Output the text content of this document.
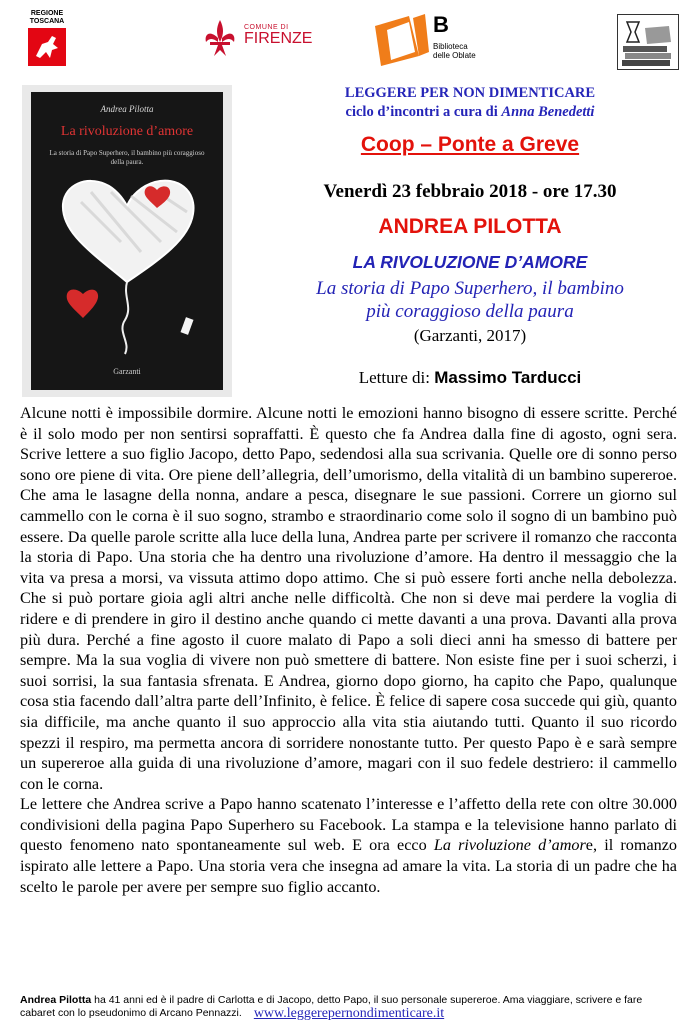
REGIONE TOSCANA
COMUNE DI
FIRENZE
B
Biblioteca
delle Oblate
Andrea Pilotta
La rivoluzione d’amore
La storia di Papo Superhero, il bambino più coraggioso della paura.
Garzanti
LEGGERE PER NON DIMENTICARE
ciclo d’incontri a cura di Anna Benedetti
Coop – Ponte a Greve
Venerdì 23 febbraio 2018 - ore 17.30
ANDREA PILOTTA
LA RIVOLUZIONE D’AMORE
La storia di Papo Superhero, il bambino
più coraggioso della paura
(Garzanti, 2017)
Letture di: Massimo Tarducci

Alcune notti è impossibile dormire. Alcune notti le emozioni hanno bisogno di essere scritte. Perché è il solo modo per non sentirsi sopraffatti. È questo che fa Andrea dalla fine di agosto, ogni sera. Scrive lettere a suo figlio Jacopo, detto Papo, sedendosi alla sua scrivania. Quelle ore di sonno perso sono ore piene di vita. Ore piene dell’allegria, dell’umorismo, della vitalità di un bambino supereroe. Che ama le lasagne della nonna, andare a pesca, disegnare le sue passioni. Correre un giorno sul cammello con le corna è il suo sogno, strambo e straordinario come solo il sogno di un bambino può essere. Da quelle parole scritte alla luce della luna, Andrea parte per scrivere il romanzo che racconta la storia di Papo. Una storia che ha dentro una rivoluzione d’amore. Ha dentro il messaggio che la vita va presa a morsi, va vissuta attimo dopo attimo. Che si può essere forti anche nella debolezza. Che si può portare gioia agli altri anche nelle difficoltà. Che non si deve mai perdere la voglia di ridere e di prendere in giro il destino anche quando ci mette davanti a una prova. Davanti alla prova più dura. Perché a fine agosto il cuore malato di Papo a soli dieci anni ha smesso di battere per sempre. Ma la sua voglia di vivere non può smettere di battere. Non esiste fine per i suoi scherzi, i suoi sorrisi, la sua fantasia sfrenata. E Andrea, giorno dopo giorno, ha capito che Papo, qualunque cosa stia facendo dall’altra parte dell’Infinito, è felice. È felice di sapere cosa succede qui giù, quanto sia difficile, ma anche quanto il suo approccio alla vita stia aiutando tutti. Quanto il suo ricordo spezzi il respiro, ma permetta ancora di sorridere nonostante tutto. Per questo Papo è e sarà sempre un supereroe alla guida di una rivoluzione d’amore, magari con il suo fedele destriero: il cammello con le corna.

Le lettere che Andrea scrive a Papo hanno scatenato l’interesse e l’affetto della rete con oltre 30.000 condivisioni della pagina Papo Superhero su Facebook. La stampa e la televisione hanno parlato di questo fenomeno nato spontaneamente sul web. E ora ecco La rivoluzione d’amore, il romanzo ispirato alle lettere a Papo. Una storia vera che insegna ad amare la vita. La storia di un padre che ha scelto le parole per avere per sempre suo figlio accanto.

Andrea Pilotta ha 41 anni ed è il padre di Carlotta e di Jacopo, detto Papo, il suo personale supereroe. Ama viaggiare, scrivere e fare cabaret con lo pseudonimo di Arcano Pennazzi. www.leggerepernondimenticare.it
